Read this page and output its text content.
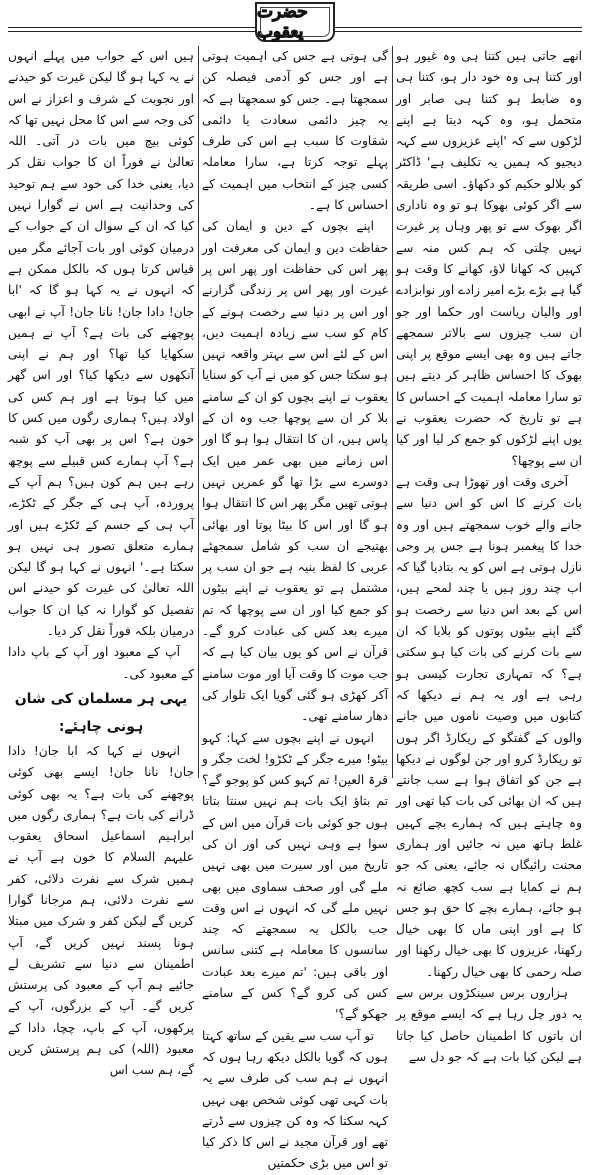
حضرت یعقوب

انھے جاتی ہیں کتنا ہی وہ غیور ہو اور کتنا ہی وہ خود دار ہو، کتنا ہی وہ ضابط ہو کتنا ہی صابر اور متحمل ہو، وہ کہہ دیتا ہے اپنے لڑکوں سے کہ 'اپنے عزیزوں سے کہہ دیجیو کہ ہمیں یہ تکلیف ہے' ڈاکٹر کو بلالو حکیم کو دکھاؤ۔ اسی طریقہ سے اگر کوئی بھوکا ہو تو وہ ناداری اگر بھوک سے تو پھر وہاں پر غیرت نہیں چلتی کہ ہم کس منہ سے کہیں کہ کھانا لاؤ، کھانے کا وقت ہو گیا ہے بڑے بڑے امیر زادے اور نوابزادے اور والیان ریاست اور حکما اور جو ان سب چیزوں سے بالاتر سمجھے جاتے ہیں وہ بھی ایسے موقع پر اپنی بھوک کا احساس ظاہر کر دیتے ہیں تو سارا معاملہ اہمیت کے احساس کا ہے تو تاریخ کہ حضرت یعقوب نے یوں اپنے لڑکوں کو جمع کر لیا اور کیا ان سے پوچھا؟

آخری وقت اور تھوڑا ہی وقت ہے بات کرنے کا اس کو اس دنیا سے جانے والے خوب سمجھتے ہیں اور وہ خدا کا پیغمبر ہونا ہے جس پر وحی نازل ہوتی ہے اس کو یہ بتادیا گیا کہ اب چند روز ہیں یا چند لمحے ہیں، اس کے بعد اس دنیا سے رخصت ہو گئے اپنے بیٹوں پوتوں کو بلایا کہ ان سے بات کرنے کی بات کیا ہو سکتی ہے؟ کہ تمہاری تجارت کیسی ہو رہی ہے اور یہ ہم نے دیکھا کہ کتابوں میں وصیت ناموں میں جانے والوں کے گفتگو کے ریکارڈ اگر ہوں تو ریکارڈ کرو اور جن لوگوں نے دیکھا ہے جن کو اتفاق ہوا ہے سب جانتے ہیں کہ ان بھائی کی بات کیا تھی اور وہ چاہتے ہیں کہ ہمارے بچے کہیں غلط ہاتھ میں نہ جائیں اور ہماری محنت رائیگاں نہ جائے، یعنی کہ جو ہم نے کمایا ہے سب کچھ ضائع نہ ہو جائے، ہمارے بچے کا حق ہو جس کا ہے اور اپنی ماں کا بھی خیال رکھنا، عزیزوں کا بھی خیال رکھنا اور صلہ رحمی کا بھی خیال رکھنا۔

ہزاروں برس سینکڑوں برس سے یہ دور چل رہا ہے کہ ایسے موقع پر ان باتوں کا اطمینان حاصل کیا جاتا ہے لیکن کیا بات ہے کہ جو دل سے

گی ہوتی ہے جس کی اہمیت ہوتی ہے اور جس کو آدمی فیصلہ کن سمجھتا ہے۔ جس کو سمجھتا ہے کہ یہ چیز دائمی سعادت یا دائمی شقاوت کا سبب ہے اس کی طرف پہلے توجہ کرتا ہے، سارا معاملہ کسی چیز کے انتخاب میں اہمیت کے احساس کا ہے۔

اپنے بچوں کے دین و ایمان کی حفاظت دین و ایمان کی معرفت اور پھر اس کی حفاظت اور پھر اس پر غیرت اور پھر اس پر زندگی گزارنے اور اس پر دنیا سے رخصت ہونے کے کام کو سب سے زیادہ اہمیت دیں، اس کے لئے اس سے بہتر واقعہ نہیں ہو سکتا جس کو میں نے آپ کو سنایا یعقوب نے اپنے بچوں کو ان کے سامنے بلا کر ان سے پوچھا جب وہ ان کے پاس ہیں، ان کا انتقال ہوا ہو گا اور اس زمانے میں بھی عمر میں ایک دوسرے سے بڑا تھا گو عمریں نہیں ہوتی تھیں مگر پھر اس کا انتقال ہوا ہو گا اور اس کا بیٹا پوتا اور بھائی بھتیجے ان سب کو شامل سمجھئے عربی کا لفظ بنیہ ہے جو ان سب پر مشتمل ہے تو یعقوب نے اپنے بیٹوں کو جمع کیا اور ان سے پوچھا کہ تم میرے بعد کس کی عبادت کرو گے۔ قرآن نے اس کو یوں بیان کیا ہے کہ جب موت کا وقت آیا اور موت سامنے آکر کھڑی ہو گئی گویا ایک تلوار کی دھار سامنے تھی۔

انہوں نے اپنے بچوں سے کہا: کہو بیٹو! میرے جگر کے ٹکڑو! لخت جگر و قرۃ العین! تم کہو کس کو پوجو گے؟ تم بتاؤ ایک بات ہم نہیں سنتا بتاتا ہوں جو کوئی بات قرآن میں اس کے سوا ہے وہی نہیں کی اور ان کی تاریخ میں اور سیرت میں بھی نہیں ملے گی اور صحف سماوی میں بھی نہیں ملے گی کہ انہوں نے اس وقت جب بالکل یہ سمجھتے کہ چند سانسوں کا معاملہ ہے کتنی سانس اور باقی ہیں: 'تم میرے بعد عبادت کس کی کرو گے؟ کس کے سامنے جھکو گے؟'

تو آپ سب سے یقین کے ساتھ کہتا ہوں کہ گویا بالکل دیکھ رہا ہوں کہ انہوں نے ہم سب کی طرف سے یہ بات کہی تھی کوئی شخص بھی نہیں کہہ سکتا کہ وہ کن چیزوں سے ڈرتے تھے اور قرآن مجید نے اس کا ذکر کیا تو اس میں بڑی حکمتیں

ہیں اس کے جواب میں پہلے انہوں نے یہ کہا ہو گا لیکن غیرت کو حیدنے اور نجوبت کے شرف و اعزاز نے اس کی وجہ سے اس کا محل نہیں تھا کہ کوئی بیچ میں بات در آتی۔ اللہ تعالیٰ نے فوراً ان کا جواب نقل کر دیا، یعنی خدا کی خود سے ہم توحید کی وحدانیت ہے اس نے گوارا نہیں کیا کہ ان کے سوال ان کے جواب کے درمیان کوئی اور بات آجائے مگر میں قیاس کرتا ہوں کہ بالکل ممکن ہے کہ انہوں نے یہ کہا ہو گا کہ 'ابا جان! دادا جان! نانا جان! آپ نے ابھی پوچھنے کی بات ہے؟ آپ نے ہمیں سکھایا کیا تھا؟ اور ہم نے اپنی آنکھوں سے دیکھا کیا؟ اور اس گھر میں کیا ہوتا ہے اور ہم کس کی اولاد ہیں؟ ہماری رگوں میں کس کا خون ہے؟ اس پر بھی آپ کو شبہ ہے؟ آپ ہمارے کس قبیلے سے پوچھ رہے ہیں ہم کون ہیں؟ ہم آپ کے پروردہ، آپ ہی کے جگر کے ٹکڑے، آپ ہی کے جسم کے ٹکڑے ہیں اور ہمارے متعلق تصور ہی نہیں ہو سکتا ہے۔' انہوں نے کہا ہو گا لیکن اللہ تعالیٰ کی غیرت کو حیدنے اس تفصیل کو گوارا نہ کیا ان کا جواب درمیان بلکہ فوراً نقل کر دیا۔

آپ کے معبود اور آپ کے باپ دادا کے معبود کی۔

یہی ہر مسلمان کی شان ہونی چاہئے:

انہوں نے کہا کہ ابا جان! دادا جان! نانا جان! ایسے بھی کوئی پوچھنے کی بات ہے؟ یہ بھی کوئی ڈرانے کی بات ہے؟ ہماری رگوں میں ابراہیم اسماعیل اسحاق یعقوب علیہم السلام کا خون ہے آپ نے ہمیں شرک سے نفرت دلائی، کفر سے نفرت دلائی، ہم مرجانا گوارا کریں گے لیکن کفر و شرک میں مبتلا ہونا پسند نہیں کریں گے، آپ اطمینان سے دنیا سے تشریف لے جائیے ہم آپ کے معبود کی پرستش کریں گے۔ آپ کے بزرگوں، آپ کے پرکھوں، آپ کے باپ، چچا، دادا کے معبود (اللہ) کی ہم پرستش کریں گے، ہم سب اس
